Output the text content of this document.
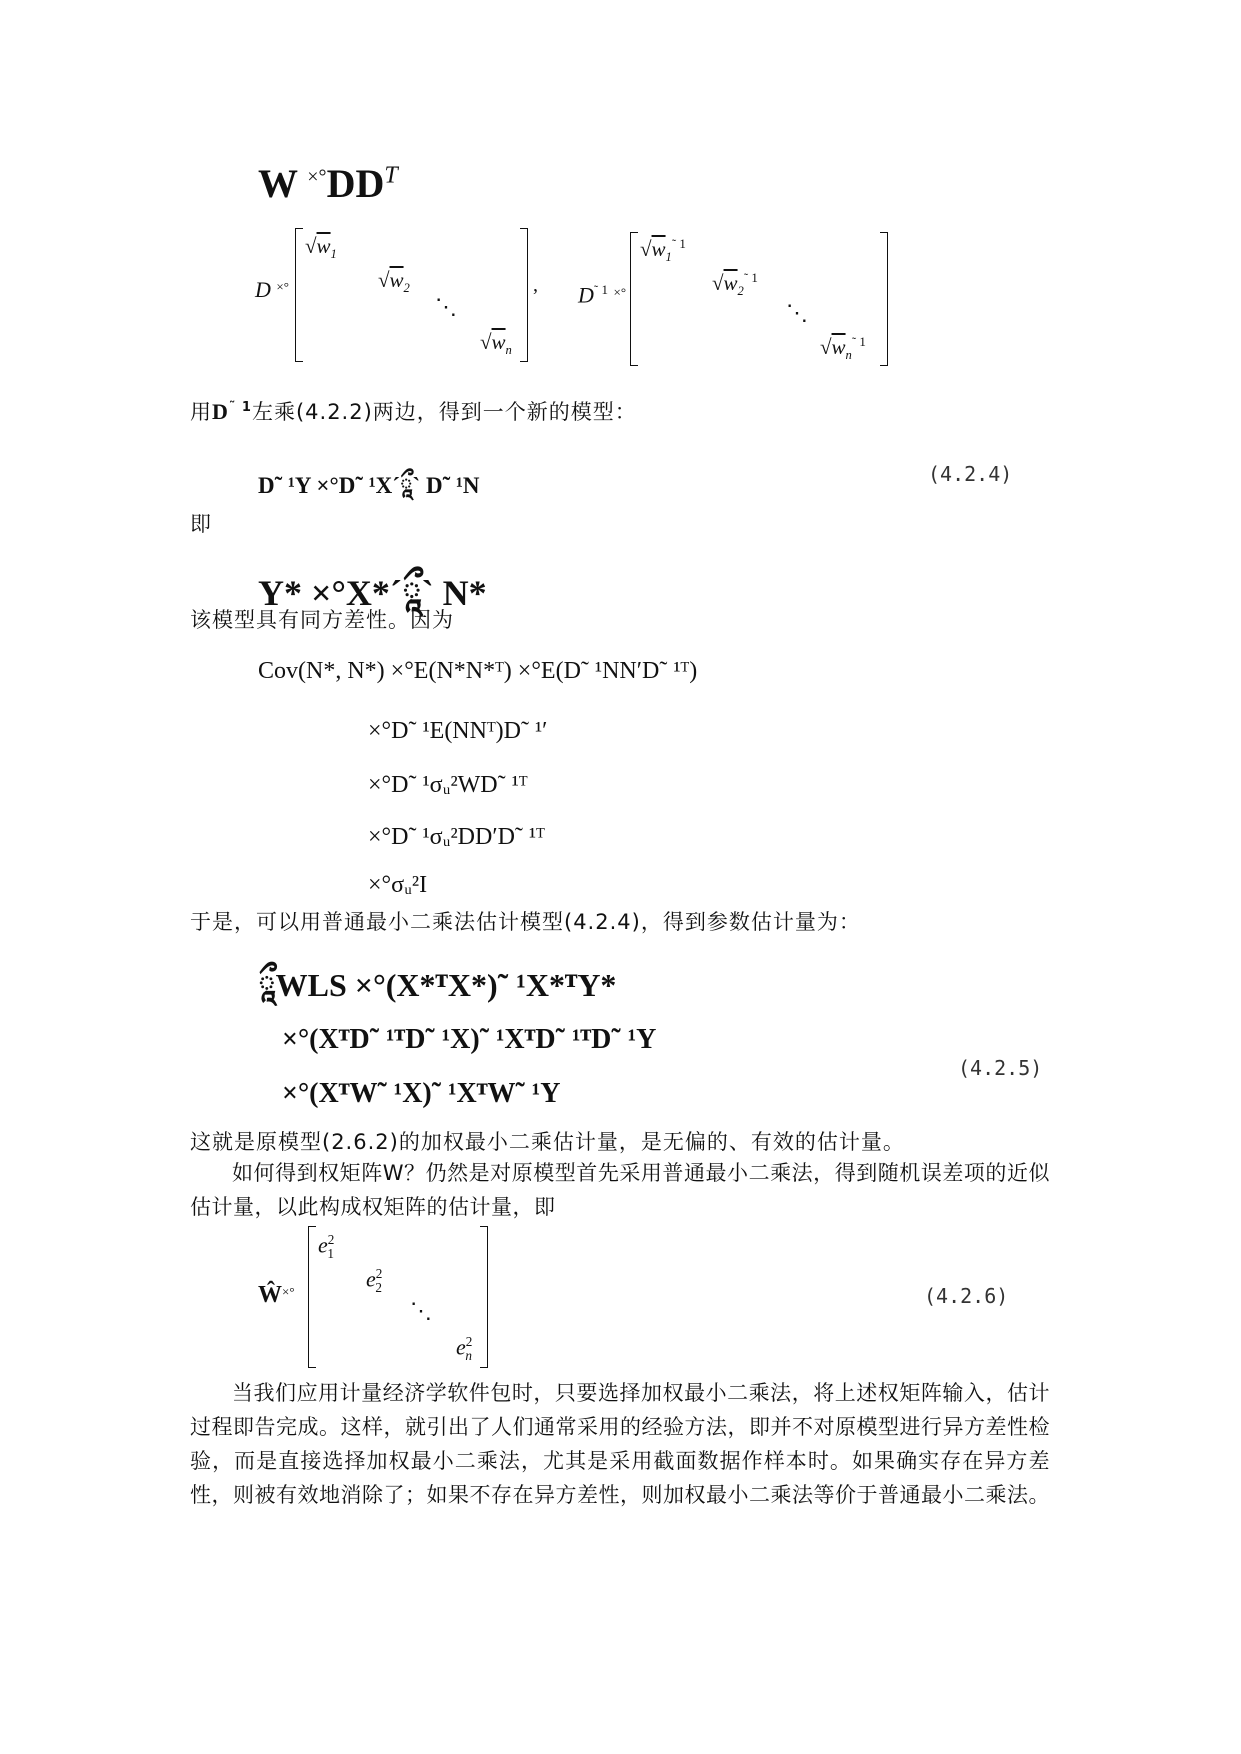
W $^{\times^\circ}DD^T$
D ×°
$√w_1$
$√w_2$
⋱
$√w_n$
, $D^{˜ 1}$ ×°
$√w_1^{˜ 1}$
$√w_2^{˜ 1}$
⋱
$√w_n^{˜ 1}$
用$D^{˜ 1}$左乘(4.2.2)两边，得到一个新的模型：
D˜ ¹Y ×°D˜ ¹X´ཱྀ` D˜ ¹N	(4.2.4)
即
Y* ×°X*´ཱྀ` N*
该模型具有同方差性。因为
Cov(N*, N*) ×°E(N*N*ᵀ) ×°E(D˜ ¹NN′D˜ ¹ᵀ)
×°D˜ ¹E(NNᵀ)D˜ ¹′
×°D˜ ¹σᵤ²WD˜ ¹ᵀ
×°D˜ ¹σᵤ²DD′D˜ ¹ᵀ
×°σᵤ²I
于是，可以用普通最小二乘法估计模型(4.2.4)，得到参数估计量为：
ཱྀWLS ×°(X*ᵀX*)˜ ¹X*ᵀY*
×°(XᵀD˜ ¹ᵀD˜ ¹X)˜ ¹XᵀD˜ ¹ᵀD˜ ¹Y
×°(XᵀW˜ ¹X)˜ ¹XᵀW˜ ¹Y
(4.2.5)
这就是原模型(2.6.2)的加权最小二乘估计量，是无偏的、有效的估计量。
如何得到权矩阵W？仍然是对原模型首先采用普通最小二乘法，得到随机误差项的近似估计量，以此构成权矩阵的估计量，即
Ŵ×°
$e^2_1$
$e^2_2$
⋱
$e^2_n$
(4.2.6)
当我们应用计量经济学软件包时，只要选择加权最小二乘法，将上述权矩阵输入，估计过程即告完成。这样，就引出了人们通常采用的经验方法，即并不对原模型进行异方差性检验，而是直接选择加权最小二乘法，尤其是采用截面数据作样本时。如果确实存在异方差性，则被有效地消除了；如果不存在异方差性，则加权最小二乘法等价于普通最小二乘法。
